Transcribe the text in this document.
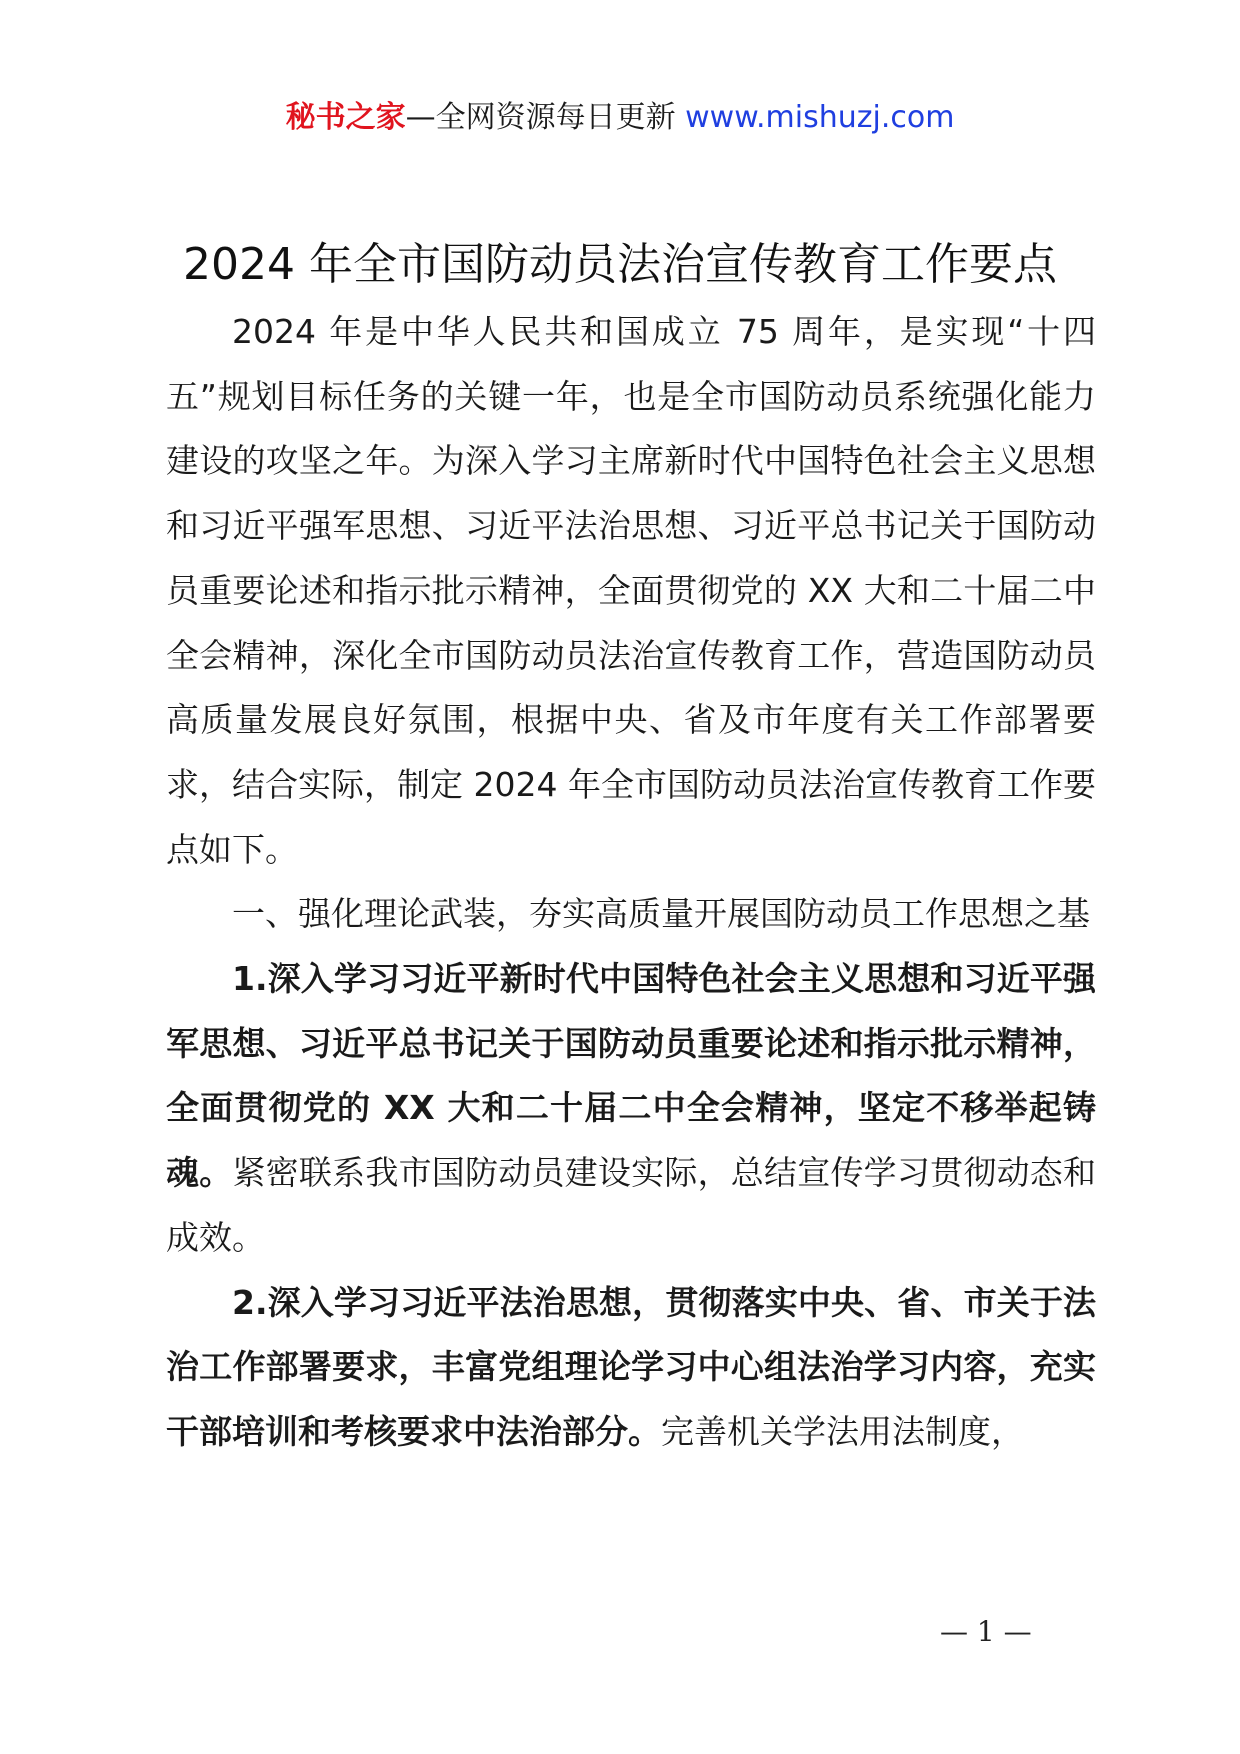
秘书之家—全网资源每日更新 www.mishuzj.com
2024 年全市国防动员法治宣传教育工作要点

2024 年是中华人民共和国成立 75 周年，是实现“十四五”规划目标任务的关键一年，也是全市国防动员系统强化能力建设的攻坚之年。为深入学习主席新时代中国特色社会主义思想和习近平强军思想、习近平法治思想、习近平总书记关于国防动员重要论述和指示批示精神，全面贯彻党的 XX 大和二十届二中全会精神，深化全市国防动员法治宣传教育工作，营造国防动员高质量发展良好氛围，根据中央、省及市年度有关工作部署要求，结合实际，制定 2024 年全市国防动员法治宣传教育工作要点如下。

一、强化理论武装，夯实高质量开展国防动员工作思想之基

1.深入学习习近平新时代中国特色社会主义思想和习近平强军思想、习近平总书记关于国防动员重要论述和指示批示精神，全面贯彻党的 XX 大和二十届二中全会精神，坚定不移举起铸魂。紧密联系我市国防动员建设实际，总结宣传学习贯彻动态和成效。

2.深入学习习近平法治思想，贯彻落实中央、省、市关于法治工作部署要求，丰富党组理论学习中心组法治学习内容，充实干部培训和考核要求中法治部分。完善机关学法用法制度，

— 1 —
